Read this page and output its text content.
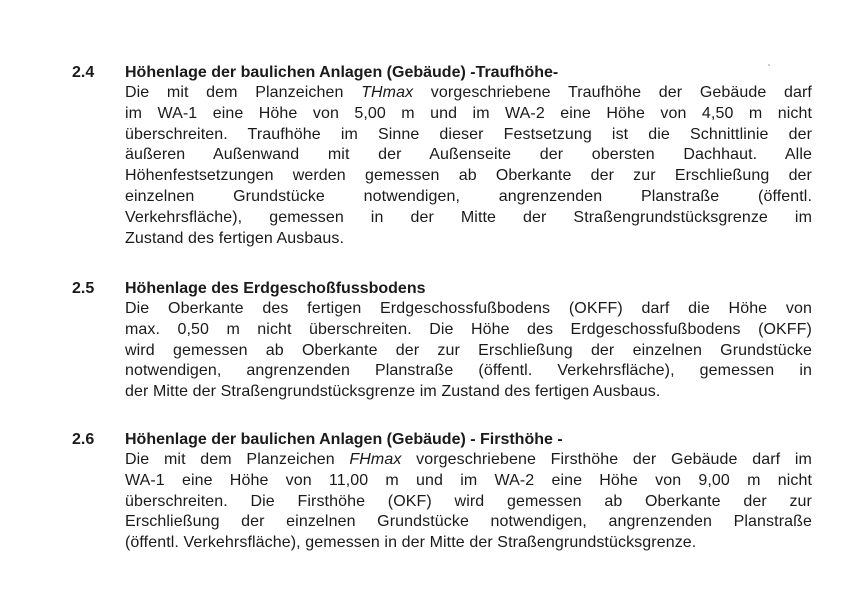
2.4	Höhenlage der baulichen Anlagen (Gebäude) -Traufhöhe-
Die mit dem Planzeichen THmax vorgeschriebene Traufhöhe der Gebäude darf
im WA-1 eine Höhe von 5,00 m und im WA-2 eine Höhe von 4,50 m nicht
überschreiten. Traufhöhe im Sinne dieser Festsetzung ist die Schnittlinie der
äußeren Außenwand mit der Außenseite der obersten Dachhaut. Alle
Höhenfestsetzungen werden gemessen ab Oberkante der zur Erschließung der
einzelnen Grundstücke notwendigen, angrenzenden Planstraße (öffentl.
Verkehrsfläche), gemessen in der Mitte der Straßengrundstücksgrenze im
Zustand des fertigen Ausbaus.
2.5	Höhenlage des Erdgeschoßfussbodens
Die Oberkante des fertigen Erdgeschossfußbodens (OKFF) darf die Höhe von
max. 0,50 m nicht überschreiten. Die Höhe des Erdgeschossfußbodens (OKFF)
wird gemessen ab Oberkante der zur Erschließung der einzelnen Grundstücke
notwendigen, angrenzenden Planstraße (öffentl. Verkehrsfläche), gemessen in
der Mitte der Straßengrundstücksgrenze im Zustand des fertigen Ausbaus.
2.6	Höhenlage der baulichen Anlagen (Gebäude) - Firsthöhe -
Die mit dem Planzeichen FHmax vorgeschriebene Firsthöhe der Gebäude darf im
WA-1 eine Höhe von 11,00 m und im WA-2 eine Höhe von 9,00 m nicht
überschreiten. Die Firsthöhe (OKF) wird gemessen ab Oberkante der zur
Erschließung der einzelnen Grundstücke notwendigen, angrenzenden Planstraße
(öffentl. Verkehrsfläche), gemessen in der Mitte der Straßengrundstücksgrenze.
